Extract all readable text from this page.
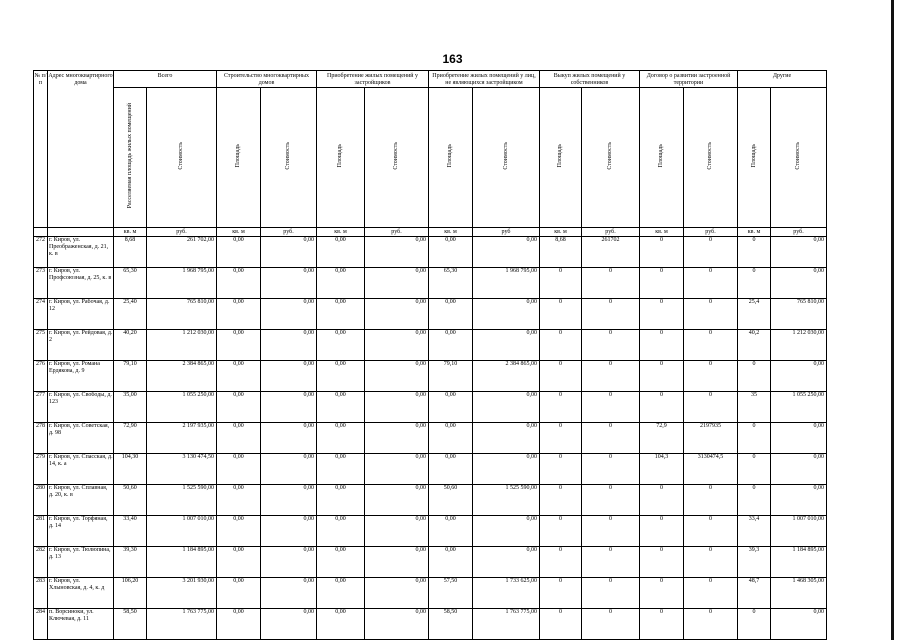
163
№ п/п	Адрес многоквартирного дома	Всего		Строительство многоквартирных домов		Приобретение жилых помещений у застройщиков		Приобретение жилых помещений у лиц, не являющихся застройщиком		Выкуп жилых помещений у собственников		Договор о развитии застроенной территории		Другие	
		Расселяемая площадь жилых помещений	Стоимость	Площадь	Стоимость	Площадь	Стоимость	Площадь	Стоимость	Площадь	Стоимость	Площадь	Стоимость	Площадь	Стоимость
		кв. м	руб.	кв. м	руб.	кв. м	руб.	кв. м	руб	кв. м	руб.	кв. м	руб.	кв. м	руб.
272	г. Киров, ул. Преображенская, д. 21, к. в	8,68	261 702,00	0,00	0,00	0,00	0,00	0,00	0,00	8,68	261702	0	0	0	0,00
273	г. Киров, ул. Профсоюзная, д. 25, к. в	65,30	1 968 795,00	0,00	0,00	0,00	0,00	65,30	1 968 795,00	0	0	0	0	0	0,00
274	г. Киров, ул. Рабочая, д. 12	25,40	765 810,00	0,00	0,00	0,00	0,00	0,00	0,00	0	0	0	0	25,4	765 810,00
275	г. Киров, ул. Рейдовая, д. 2	40,20	1 212 030,00	0,00	0,00	0,00	0,00	0,00	0,00	0	0	0	0	40,2	1 212 030,00
276	г. Киров, ул. Романа Ердякова, д. 9	79,10	2 384 865,00	0,00	0,00	0,00	0,00	79,10	2 384 865,00	0	0	0	0	0	0,00
277	г. Киров, ул. Свободы, д. 123	35,00	1 055 250,00	0,00	0,00	0,00	0,00	0,00	0,00	0	0	0	0	35	1 055 250,00
278	г. Киров, ул. Советская, д. 98	72,90	2 197 935,00	0,00	0,00	0,00	0,00	0,00	0,00	0	0	72,9	2197935	0	0,00
279	г. Киров, ул. Спасская, д. 14, к. а	104,30	3 130 474,50	0,00	0,00	0,00	0,00	0,00	0,00	0	0	104,3	3130474,5	0	0,00
280	г. Киров, ул. Сплавная, д. 20, к. в	50,60	1 525 590,00	0,00	0,00	0,00	0,00	50,60	1 525 590,00	0	0	0	0	0	0,00
281	г. Киров, ул. Торфяная, д. 14	33,40	1 007 010,00	0,00	0,00	0,00	0,00	0,00	0,00	0	0	0	0	33,4	1 007 010,00
282	г. Киров, ул. Тюлюпина, д. 13	39,30	1 184 895,00	0,00	0,00	0,00	0,00	0,00	0,00	0	0	0	0	39,3	1 184 895,00
283	г. Киров, ул. Хлыновская, д. 4, к. д	106,20	3 201 930,00	0,00	0,00	0,00	0,00	57,50	1 733 625,00	0	0	0	0	48,7	1 468 305,00
284	п. Ворсиноки, ул. Ключевая, д. 11	58,50	1 763 775,00	0,00	0,00	0,00	0,00	58,50	1 763 775,00	0	0	0	0	0	0,00
